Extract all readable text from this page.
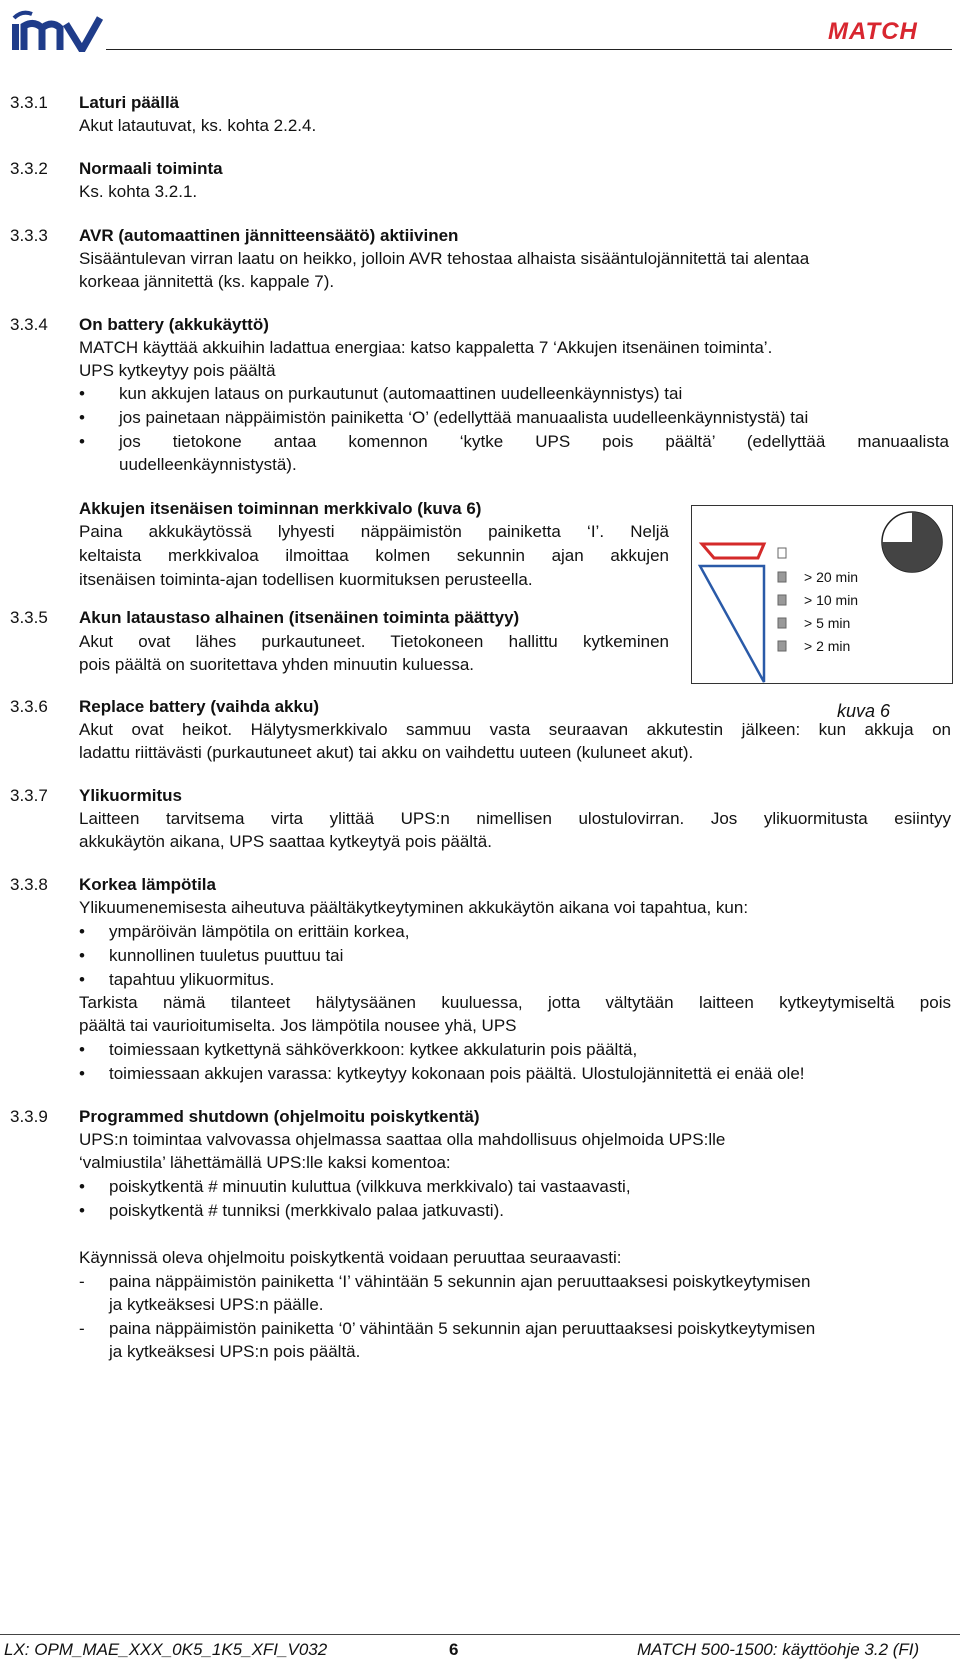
IMV
MATCH
3.3.1 Laturi päällä
Akut latautuvat, ks. kohta 2.2.4.
3.3.2 Normaali toiminta
Ks. kohta 3.2.1.
3.3.3 AVR (automaattinen jännitteensäätö) aktiivinen
Sisääntulevan virran laatu on heikko, jolloin AVR tehostaa alhaista sisääntulojännitettä tai alentaa
korkeaa jännitettä (ks. kappale 7).
3.3.4 On battery (akkukäyttö)
MATCH käyttää akkuihin ladattua energiaa: katso kappaletta 7 ‘Akkujen itsenäinen toiminta’.
UPS kytkeytyy pois päältä
• kun akkujen lataus on purkautunut (automaattinen uudelleenkäynnistys) tai
• jos painetaan näppäimistön painiketta ‘O’ (edellyttää manuaalista uudelleenkäynnistystä) tai
• jos tietokone antaa komennon ‘kytke UPS pois päältä’ (edellyttää manuaalista
uudelleenkäynnistystä).
Akkujen itsenäisen toiminnan merkkivalo (kuva 6)
Paina akkukäytössä lyhyesti näppäimistön painiketta ‘I’. Neljä
keltaista merkkivaloa ilmoittaa kolmen sekunnin ajan akkujen
itsenäisen toiminta-ajan todellisen kuormituksen perusteella.	> 20 min
> 10 min
> 5 min
> 2 min
kuva 6
3.3.5 Akun lataustaso alhainen (itsenäinen toiminta päättyy)
Akut ovat lähes purkautuneet. Tietokoneen hallittu kytkeminen
pois päältä on suoritettava yhden minuutin kuluessa.
3.3.6 Replace battery (vaihda akku)
Akut ovat heikot. Hälytysmerkkivalo sammuu vasta seuraavan akkutestin jälkeen: kun akkuja on
ladattu riittävästi (purkautuneet akut) tai akku on vaihdettu uuteen (kuluneet akut).
3.3.7 Ylikuormitus
Laitteen tarvitsema virta ylittää UPS:n nimellisen ulostulovirran. Jos ylikuormitusta esiintyy
akkukäytön aikana, UPS saattaa kytkeytyä pois päältä.
3.3.8 Korkea lämpötila
Ylikuumenemisesta aiheutuva päältäkytkeytyminen akkukäytön aikana voi tapahtua, kun:
• ympäröivän lämpötila on erittäin korkea,
• kunnollinen tuuletus puuttuu tai
• tapahtuu ylikuormitus.
Tarkista nämä tilanteet hälytysäänen kuuluessa, jotta vältytään laitteen kytkeytymiseltä pois
päältä tai vaurioitumiselta. Jos lämpötila nousee yhä, UPS
• toimiessaan kytkettynä sähköverkkoon: kytkee akkulaturin pois päältä,
• toimiessaan akkujen varassa: kytkeytyy kokonaan pois päältä. Ulostulojännitettä ei enää ole!
3.3.9 Programmed shutdown (ohjelmoitu poiskytkentä)
UPS:n toimintaa valvovassa ohjelmassa saattaa olla mahdollisuus ohjelmoida UPS:lle
‘valmiustila’ lähettämällä UPS:lle kaksi komentoa:
• poiskytkentä # minuutin kuluttua (vilkkuva merkkivalo) tai vastaavasti,
• poiskytkentä # tunniksi (merkkivalo palaa jatkuvasti).
Käynnissä oleva ohjelmoitu poiskytkentä voidaan peruuttaa seuraavasti:
- paina näppäimistön painiketta ‘I’ vähintään 5 sekunnin ajan peruuttaaksesi poiskytkeytymisen
ja kytkeäksesi UPS:n päälle.
- paina näppäimistön painiketta ‘0’ vähintään 5 sekunnin ajan peruuttaaksesi poiskytkeytymisen
ja kytkeäksesi UPS:n pois päältä.
LX: OPM_MAE_XXX_0K5_1K5_XFI_V032	6	MATCH 500-1500: käyttöohje 3.2 (FI)
